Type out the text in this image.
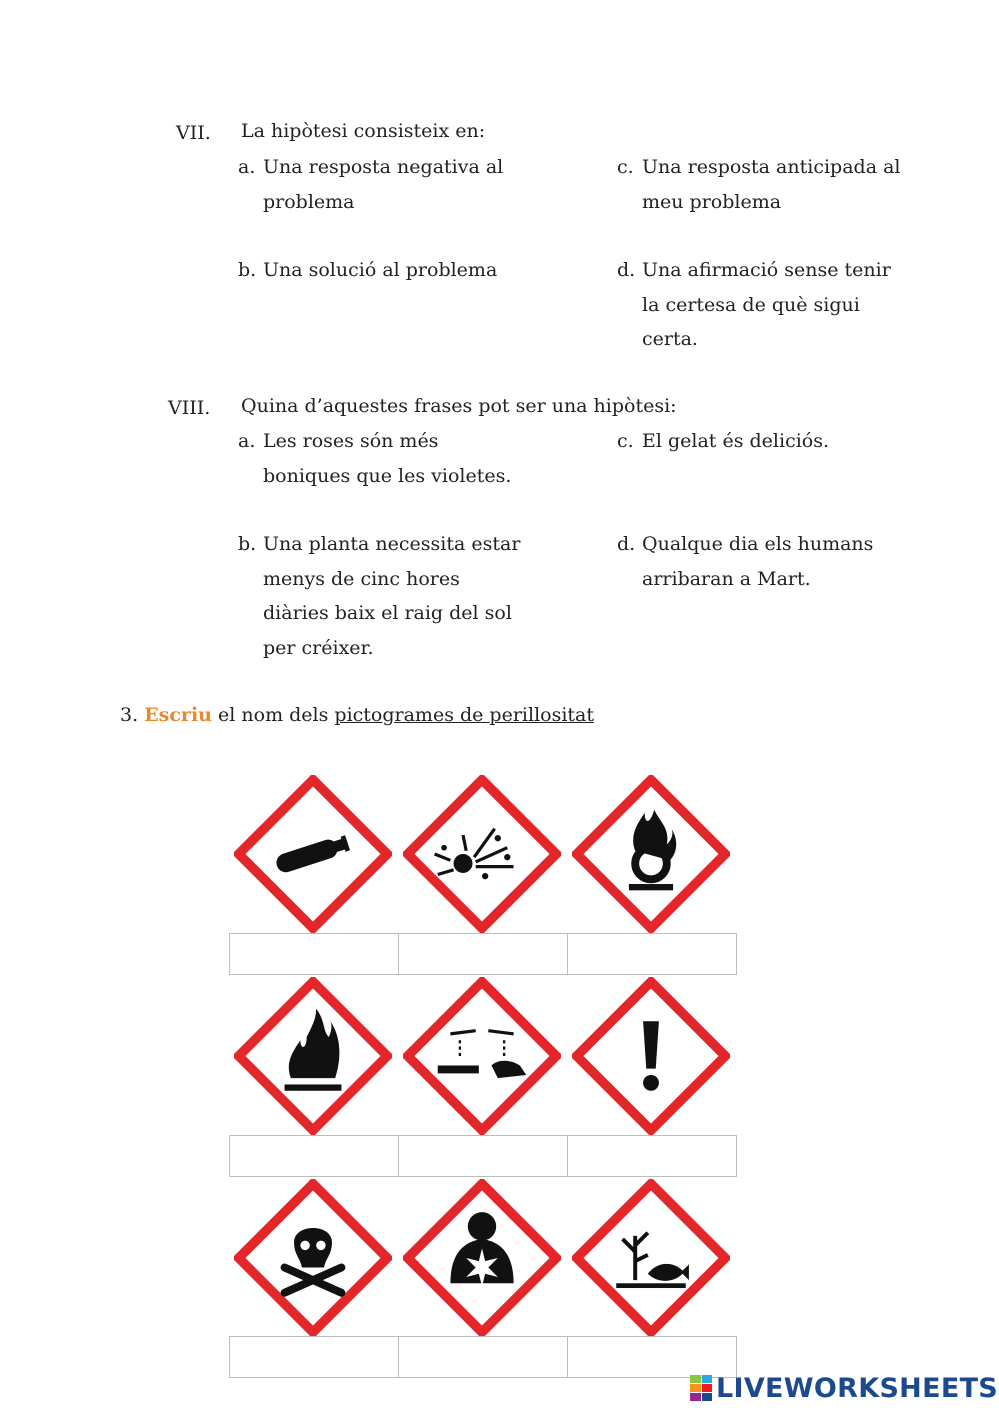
VII. La hipòtesi consisteix en:
a. Una resposta negativa al
problema
b. Una solució al problema
c. Una resposta anticipada al
meu problema
d. Una afirmació sense tenir
la certesa de què sigui
certa.
VIII. Quina d’aquestes frases pot ser una hipòtesi:
a. Les roses són més
boniques que les violetes.
b. Una planta necessita estar
menys de cinc hores
diàries baix el raig del sol
per créixer.
c. El gelat és deliciós.
d. Qualque dia els humans
arribaran a Mart.
3. Escriu el nom dels pictogrames de perillositat
LIVEWORKSHEETS
